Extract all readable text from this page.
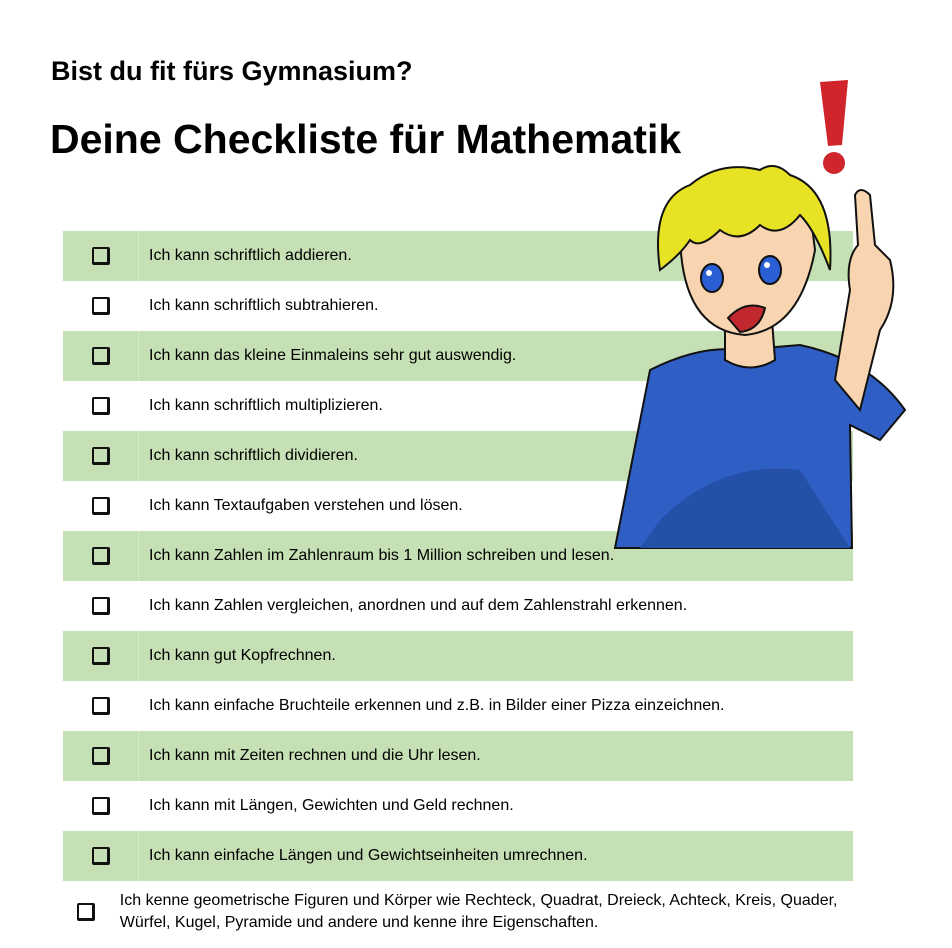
Bist du fit fürs Gymnasium?
Deine Checkliste für Mathematik
Ich kann schriftlich addieren.
Ich kann schriftlich subtrahieren.
Ich kann das kleine Einmaleins sehr gut auswendig.
Ich kann schriftlich multiplizieren.
Ich kann schriftlich dividieren.
Ich kann Textaufgaben verstehen und lösen.
Ich kann Zahlen im Zahlenraum bis 1 Million schreiben und lesen.
Ich kann Zahlen vergleichen, anordnen und auf dem Zahlenstrahl erkennen.
Ich kann gut Kopfrechnen.
Ich kann einfache Bruchteile erkennen und z.B. in Bilder einer Pizza einzeichnen.
Ich kann mit Zeiten rechnen und die Uhr lesen.
Ich kann mit Längen, Gewichten und Geld rechnen.
Ich kann einfache Längen und Gewichtseinheiten umrechnen.
Ich kenne geometrische Figuren und Körper wie Rechteck, Quadrat, Dreieck, Achteck, Kreis, Quader, Würfel, Kugel, Pyramide und andere und kenne ihre Eigenschaften.
